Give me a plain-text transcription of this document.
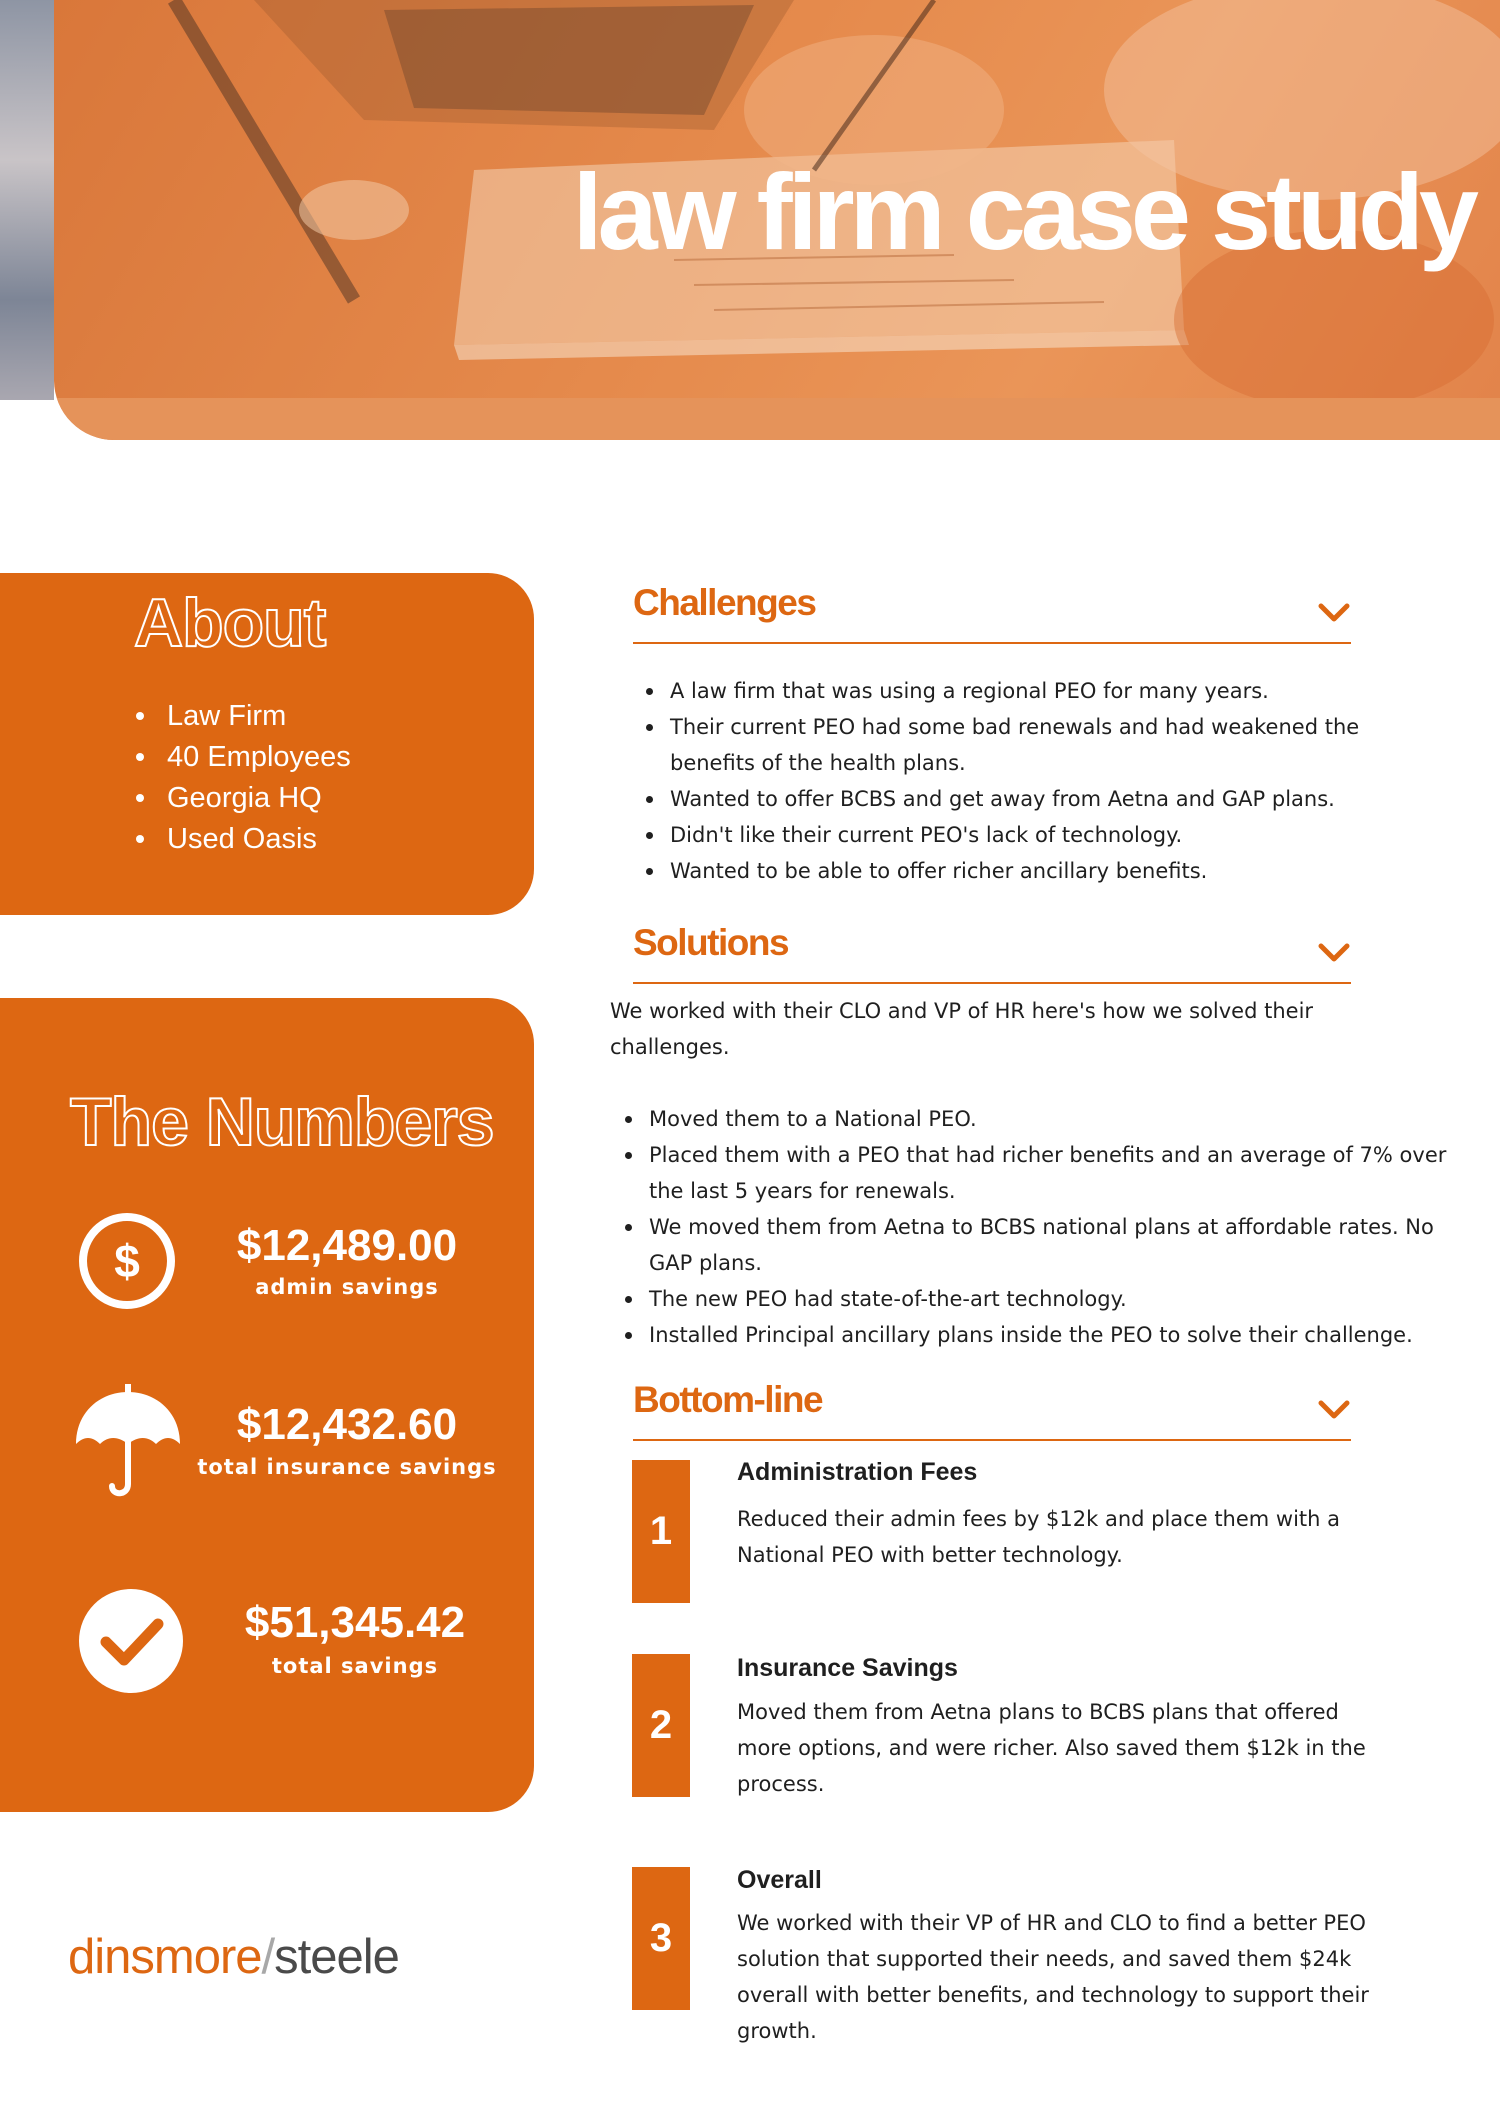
law firm case study
About
Law Firm
40 Employees
Georgia HQ
Used Oasis
The Numbers
$	$12,489.00
admin savings
$12,432.60
total insurance savings
$51,345.42
total savings
dinsmore/steele
Challenges
A law firm that was using a regional PEO for many years.
Their current PEO had some bad renewals and had weakened the benefits of the health plans.
Wanted to offer BCBS and get away from Aetna and GAP plans.
Didn't like their current PEO's lack of technology.
Wanted to be able to offer richer ancillary benefits.
Solutions

We worked with their CLO and VP of HR here's how we solved their challenges.

Moved them to a National PEO.
Placed them with a PEO that had richer benefits and an average of 7% over the last 5 years for renewals.
We moved them from Aetna to BCBS national plans at affordable rates. No GAP plans.
The new PEO had state-of-the-art technology.
Installed Principal ancillary plans inside the PEO to solve their challenge.
Bottom-line
1
Administration Fees

Reduced their admin fees by $12k and place them with a National PEO with better technology.

2
Insurance Savings

Moved them from Aetna plans to BCBS plans that offered more options, and were richer. Also saved them $12k in the process.

3
Overall

We worked with their VP of HR and CLO to find a better PEO solution that supported their needs, and saved them $24k overall with better benefits, and technology to support their growth.
